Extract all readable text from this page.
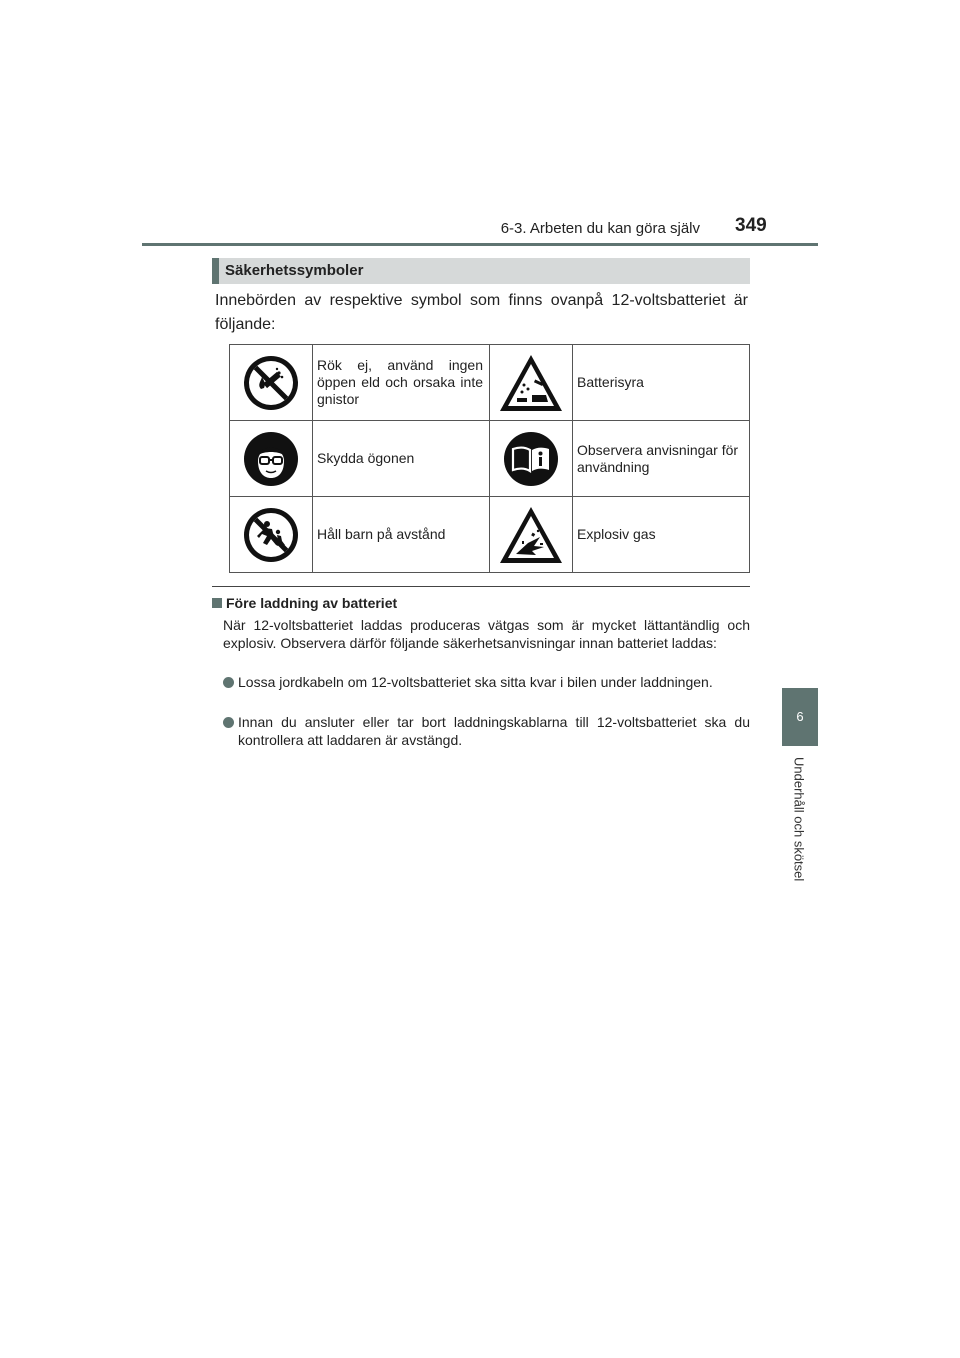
6-3. Arbeten du kan göra själv 349
6
Underhåll och skötsel
Säkerhetssymboler
Innebörden av respektive symbol som finns ovanpå 12-voltsbatteriet är följande:
	Rök ej, använd ingen öppen eld och orsaka inte gnistor		Batterisyra

	Skydda ögonen		Observera anvisningar för användning

	Håll barn på avstånd		Explosiv gas
Före laddning av batteriet
När 12-voltsbatteriet laddas produceras vätgas som är mycket lättantändlig och explosiv. Observera därför följande säkerhetsanvisningar innan batteriet laddas:
Lossa jordkabeln om 12-voltsbatteriet ska sitta kvar i bilen under laddningen.
Innan du ansluter eller tar bort laddningskablarna till 12-voltsbatteriet ska du kontrollera att laddaren är avstängd.
